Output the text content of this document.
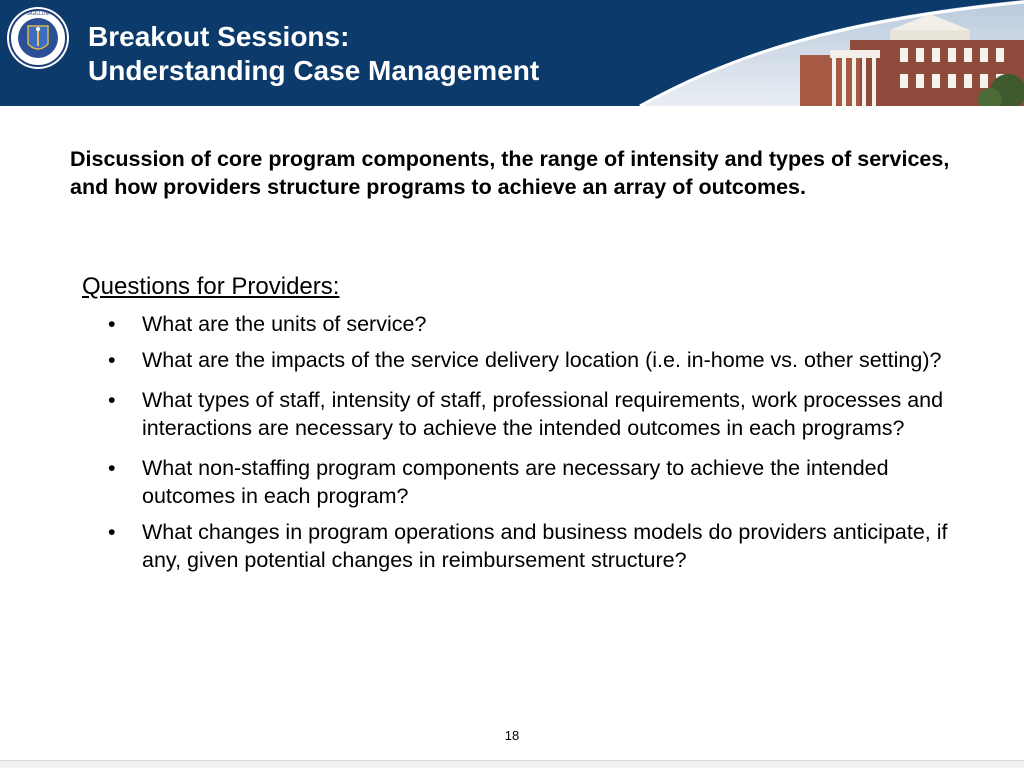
SIGILLUM
Breakout Sessions:
Understanding Case Management

Discussion of core program components, the range of intensity and types of services, and how providers structure programs to achieve an array of outcomes.

Questions for Providers:

• What are the units of service?
• What are the impacts of the service delivery location (i.e. in-home vs. other setting)?
• What types of staff, intensity of staff, professional requirements, work processes and interactions are necessary to achieve the intended outcomes in each programs?
• What non-staffing program components are necessary to achieve the intended outcomes in each program?
• What changes in program operations and business models do providers anticipate, if any, given potential changes in reimbursement structure?

18
